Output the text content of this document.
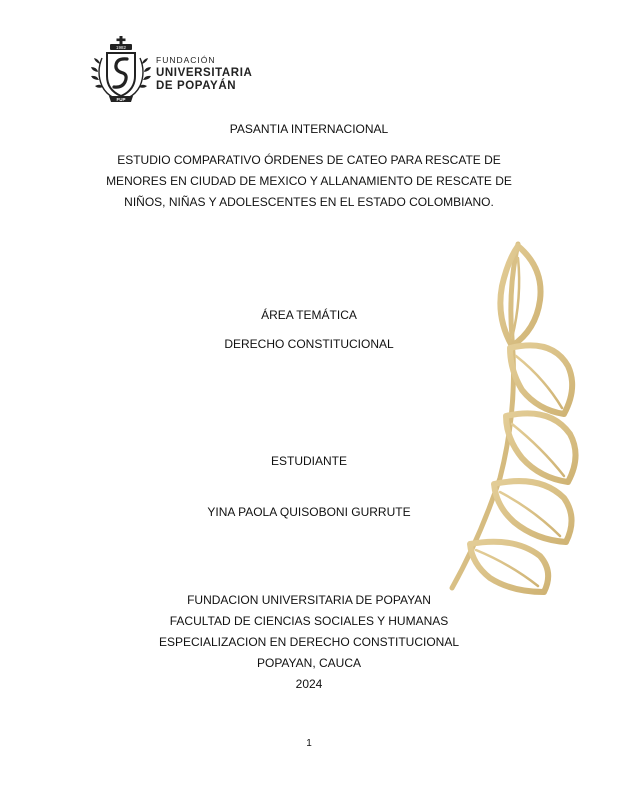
1982
FUP
FUNDACIÓN
UNIVERSITARIA
DE POPAYÁN
PASANTIA INTERNACIONAL
ESTUDIO COMPARATIVO ÓRDENES DE CATEO PARA RESCATE DE
MENORES EN CIUDAD DE MEXICO Y ALLANAMIENTO DE RESCATE DE
NIÑOS, NIÑAS Y ADOLESCENTES EN EL ESTADO COLOMBIANO.
ÁREA TEMÁTICA
DERECHO CONSTITUCIONAL
ESTUDIANTE
YINA PAOLA QUISOBONI GURRUTE
FUNDACION UNIVERSITARIA DE POPAYAN
FACULTAD DE CIENCIAS SOCIALES Y HUMANAS
ESPECIALIZACION EN DERECHO CONSTITUCIONAL
POPAYAN, CAUCA
2024
1
